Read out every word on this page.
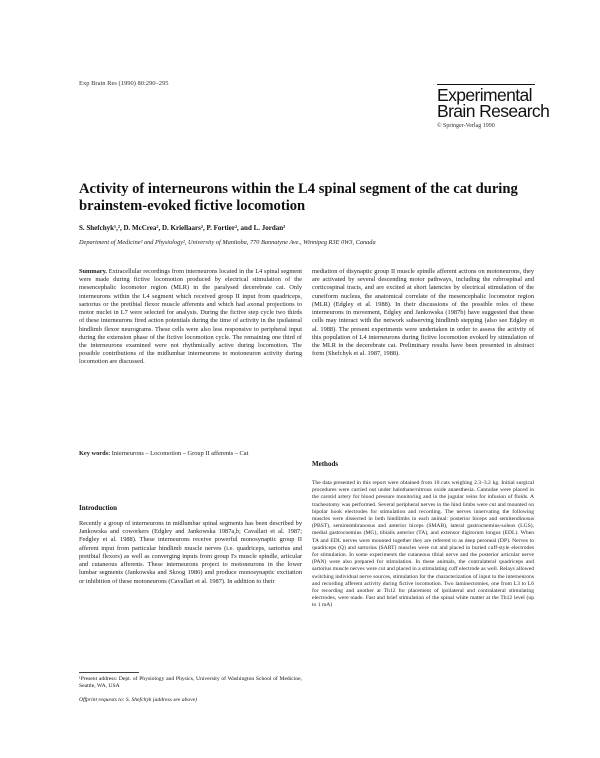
Exp Brain Res (1990) 80:290–295
Experimental
Brain Research
© Springer-Verlag 1990
Activity of interneurons within the L4 spinal segment of the cat during brainstem-evoked fictive locomotion
S. Shefchyk¹,², D. McCrea², D. Kriellaars², P. Fortier², and L. Jordan²
Department of Medicine² and Physiology², University of Manitoba, 770 Bannatyne Ave., Winnipeg R3E 0W3, Canada

Summary. Extracellular recordings from interneurons located in the L4 spinal segment were made during fictive locomotion produced by electrical stimulation of the mesencephalic locomotor region (MLR) in the paralysed decerebrate cat. Only interneurons within the L4 segment which received group II input from quadriceps, sartorius or the pretibial flexor muscle afferents and which had axonal projections to motor nuclei in L7 were selected for analysis. During the fictive step cycle two thirds of these interneurons fired action potentials during the time of activity in the ipsilateral hindlimb flexor neurograms. These cells were also less responsive to peripheral input during the extension phase of the fictive locomotion cycle. The remaining one third of the interneurons examined were not rhythmically active during locomotion. The possible contributions of the midlumbar interneurons to motoneuron activity during locomotion are discussed.

Key words: Interneurons – Locomotion – Group II afferents – Cat

Introduction

Recently a group of interneurons in midlumbar spinal segments has been described by Jankowska and coworkers (Edgley and Jankowska 1987a,b; Cavallari et al. 1987; Fedgley et al. 1988). These interneurons receive powerful monosynaptic group II afferent input from particular hindlimb muscle nerves (i.e. quadriceps, sartorius and pretibial flexors) as well as converging inputs from group I's muscle spindle, articular and cutaneous afferents. These interneurons project to motoneurons in the lower lumbar segments (Jankowska and Skoog 1986) and produce monosynaptic excitation or inhibition of these motoneurons (Cavallari et al. 1987). In addition to their

¹Present address: Dept. of Physiology and Physics, University of Washington School of Medicine, Seattle, WA, USA
Offprint requests to: S. Shefchyk (address see above)

mediation of disynaptic group II muscle spindle afferent actions on motoneurons, they are activated by several descending motor pathways, including the rubrospinal and corticospinal tracts, and are excited at short latencies by electrical stimulation of the cuneiform nucleus, the anatomical correlate of the mesencephalic locomotor region (MLR) (Edgley et al. 1988). In their discussions of the possible roles of these interneurons in movement, Edgley and Jankowska (1987b) have suggested that these cells may interact with the network subserving hindlimb stepping (also see Edgley et al. 1988). The present experiments were undertaken in order to assess the activity of this population of L4 interneurons during fictive locomotion evoked by stimulation of the MLR in the decerebrate cat. Preliminary results have been presented in abstract form (Shefchyk et al. 1987, 1988).

Methods

The data presented in this report were obtained from 10 cats weighing 2.3–3.2 kg. Initial surgical procedures were carried out under halothane/nitrous oxide anaesthesia. Cannulae were placed in the carotid artery for blood pressure monitoring and in the jugular veins for infusion of fluids. A tracheotomy was performed. Several peripheral nerves in the hind limbs were cut and mounted on bipolar hook electrodes for stimulation and recording. The nerves innervating the following muscles were dissected in both hindlimbs in each animal: posterior biceps and semitendinosus (PBST), semimembranosus and anterior biceps (SMAB), lateral gastrocnemius-soleus (LGS), medial gastrocnemius (MG), tibialis anterior (TA), and extensor digitorum longus (EDL). When TA and EDL nerves were mounted together they are referred to as deep peroneal (DP). Nerves to quadriceps (Q) and sartorius (SART) muscles were cut and placed in buried cuff-style electrodes for stimulation. In some experiments the cutaneous tibial nerve and the posterior articular nerve (PAN) were also prepared for stimulation. In these animals, the contralateral quadriceps and sartorius muscle nerves were cut and placed in a stimulating cuff electrode as well. Relays allowed switching individual nerve sources, stimulation for the characterization of input to the interneurons and recording afferent activity during fictive locomotion. Two laminectomies, one from L3 to L6 for recording and another at Th12 for placement of ipsilateral and contralateral stimulating electrodes, were made. Fast and brief stimulation of the spinal white matter at the Th12 level (up to 1 mA)
